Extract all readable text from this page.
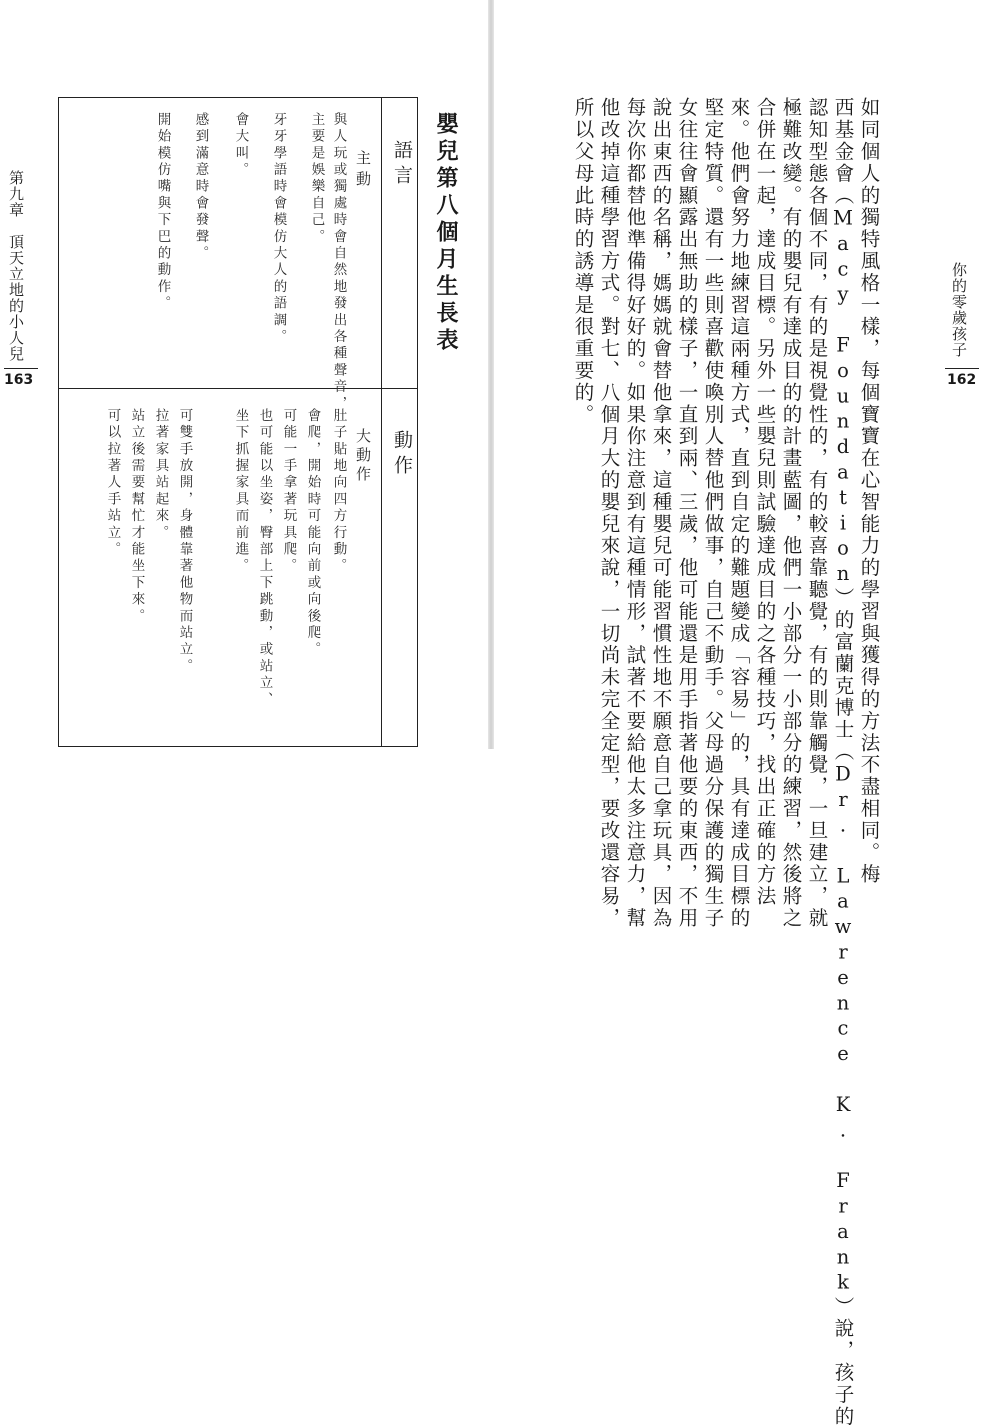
第九章　頂天立地的小人兒
163
語言
動作
主動
大動作
與人玩或獨處時會自然地發出各種聲音，
主要是娛樂自己。
牙牙學語時會模仿大人的語調。
會大叫。
感到滿意時會發聲。
開始模仿嘴與下巴的動作。
肚子貼地向四方行動。
會爬，開始時可能向前或向後爬。
可能一手拿著玩具爬。
也可能以坐姿，臀部上下跳動，或站立、
坐下抓握家具而前進。
可雙手放開，身體靠著他物而站立。
拉著家具站起來。
站立後需要幫忙才能坐下來。
可以拉著人手站立。
嬰兒第八個月生長表	如同個人的獨特風格一樣，每個寶寶在心智能力的學習與獲得的方法不盡相同。梅
西基金會（Macy Foundation）的富蘭克博士（Dr. Lawrence K. Frank）說，孩子的
認知型態各個不同，有的是視覺性的，有的較喜靠聽覺，有的則靠觸覺，一旦建立，就
極難改變。有的嬰兒有達成目的的計畫藍圖，他們一小部分一小部分的練習，然後將之
合併在一起，達成目標。另外一些嬰兒則試驗達成目的之各種技巧，找出正確的方法
來。他們會努力地練習這兩種方式，直到自定的難題變成「容易」的，具有達成目標的
堅定特質。還有一些則喜歡使喚別人替他們做事，自己不動手。父母過分保護的獨生子
女往往會顯露出無助的樣子，一直到兩、三歲，他可能還是用手指著他要的東西，不用
說出東西的名稱，媽媽就會替他拿來，這種嬰兒可能習慣性地不願意自己拿玩具，因為
每次你都替他準備得好好的。如果你注意到有這種情形，試著不要給他太多注意力，幫
他改掉這種學習方式。對七、八個月大的嬰兒來說，一切尚未完全定型，要改還容易，
所以父母此時的誘導是很重要的。	你的零歲孩子
162
